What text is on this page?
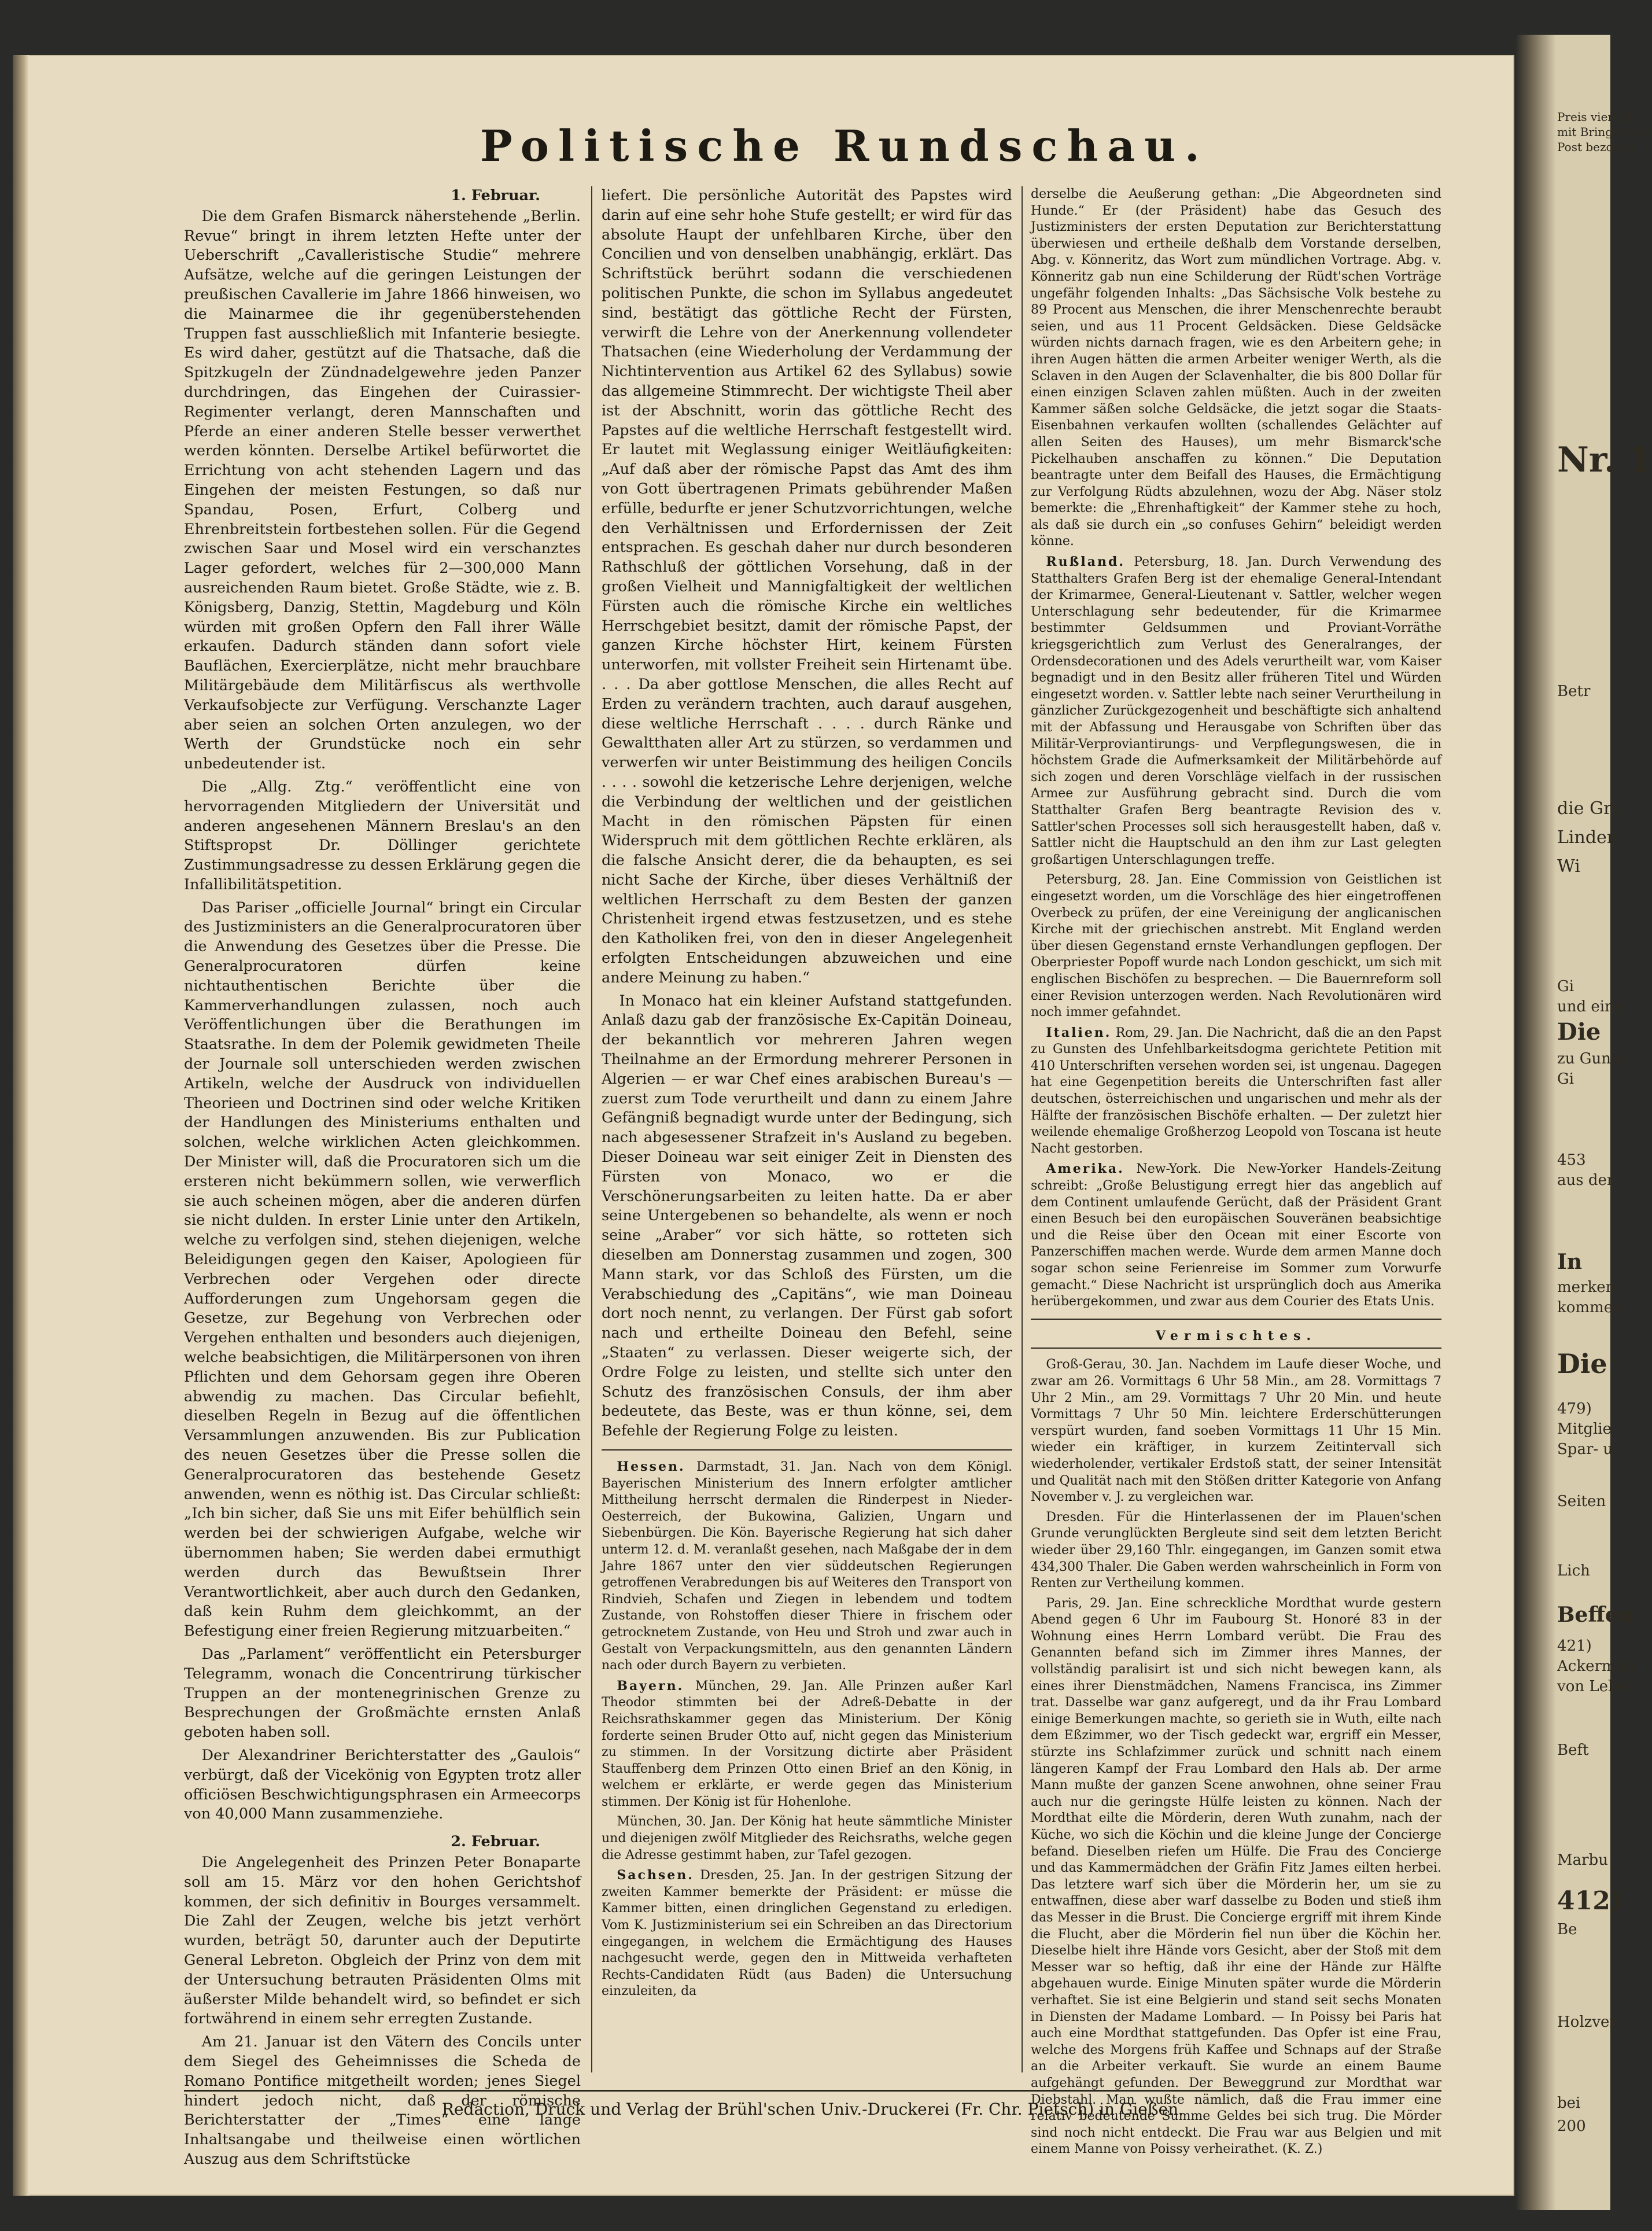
Preis viertelj.
mit Bringerlohn
Post bezogen
Nr. 1
Betr
die Gro
Linden
Wi
Gi
und eine
Die
zu Gunst
Gi
453
aus der
In
merken
kommen
Die
479)
Mitglie
Spar- u
Seiten
Lich
Beffen
421)
Ackerman
von Lebe
Beft
Marbu
412)
Be
Holzver
bei
200
Politische Rundschau.
1. Februar.

Die dem Grafen Bismarck näherstehende „Berlin. Revue“ bringt in ihrem letzten Hefte unter der Ueberschrift „Cavalleristische Studie“ mehrere Aufsätze, welche auf die geringen Leistungen der preußischen Cavallerie im Jahre 1866 hinweisen, wo die Mainarmee die ihr gegenüberstehenden Truppen fast ausschließlich mit Infanterie besiegte. Es wird daher, gestützt auf die Thatsache, daß die Spitzkugeln der Zündnadelgewehre jeden Panzer durchdringen, das Eingehen der Cuirassier-Regimenter verlangt, deren Mannschaften und Pferde an einer anderen Stelle besser verwerthet werden könnten. Derselbe Artikel befürwortet die Errichtung von acht stehenden Lagern und das Eingehen der meisten Festungen, so daß nur Spandau, Posen, Erfurt, Colberg und Ehrenbreitstein fortbestehen sollen. Für die Gegend zwischen Saar und Mosel wird ein verschanztes Lager gefordert, welches für 2—300,000 Mann ausreichenden Raum bietet. Große Städte, wie z. B. Königsberg, Danzig, Stettin, Magdeburg und Köln würden mit großen Opfern den Fall ihrer Wälle erkaufen. Dadurch ständen dann sofort viele Bauflächen, Exercierplätze, nicht mehr brauchbare Militärgebäude dem Militärfiscus als werthvolle Verkaufsobjecte zur Verfügung. Verschanzte Lager aber seien an solchen Orten anzulegen, wo der Werth der Grundstücke noch ein sehr unbedeutender ist.

Die „Allg. Ztg.“ veröffentlicht eine von hervorragenden Mitgliedern der Universität und anderen angesehenen Männern Breslau's an den Stiftspropst Dr. Döllinger gerichtete Zustimmungsadresse zu dessen Erklärung gegen die Infallibilitätspetition.

Das Pariser „officielle Journal“ bringt ein Circular des Justizministers an die Generalprocuratoren über die Anwendung des Gesetzes über die Presse. Die Generalprocuratoren dürfen keine nichtauthentischen Berichte über die Kammerverhandlungen zulassen, noch auch Veröffentlichungen über die Berathungen im Staatsrathe. In dem der Polemik gewidmeten Theile der Journale soll unterschieden werden zwischen Artikeln, welche der Ausdruck von individuellen Theorieen und Doctrinen sind oder welche Kritiken der Handlungen des Ministeriums enthalten und solchen, welche wirklichen Acten gleichkommen. Der Minister will, daß die Procuratoren sich um die ersteren nicht bekümmern sollen, wie verwerflich sie auch scheinen mögen, aber die anderen dürfen sie nicht dulden. In erster Linie unter den Artikeln, welche zu verfolgen sind, stehen diejenigen, welche Beleidigungen gegen den Kaiser, Apologieen für Verbrechen oder Vergehen oder directe Aufforderungen zum Ungehorsam gegen die Gesetze, zur Begehung von Verbrechen oder Vergehen enthalten und besonders auch diejenigen, welche beabsichtigen, die Militärpersonen von ihren Pflichten und dem Gehorsam gegen ihre Oberen abwendig zu machen. Das Circular befiehlt, dieselben Regeln in Bezug auf die öffentlichen Versammlungen anzuwenden. Bis zur Publication des neuen Gesetzes über die Presse sollen die Generalprocuratoren das bestehende Gesetz anwenden, wenn es nöthig ist. Das Circular schließt: „Ich bin sicher, daß Sie uns mit Eifer behülflich sein werden bei der schwierigen Aufgabe, welche wir übernommen haben; Sie werden dabei ermuthigt werden durch das Bewußtsein Ihrer Verantwortlichkeit, aber auch durch den Gedanken, daß kein Ruhm dem gleichkommt, an der Befestigung einer freien Regierung mitzuarbeiten.“

Das „Parlament“ veröffentlicht ein Petersburger Telegramm, wonach die Concentrirung türkischer Truppen an der montenegrinischen Grenze zu Besprechungen der Großmächte ernsten Anlaß geboten haben soll.

Der Alexandriner Berichterstatter des „Gaulois“ verbürgt, daß der Vicekönig von Egypten trotz aller officiösen Beschwichtigungsphrasen ein Armeecorps von 40,000 Mann zusammenziehe.

2. Februar.

Die Angelegenheit des Prinzen Peter Bonaparte soll am 15. März vor den hohen Gerichtshof kommen, der sich definitiv in Bourges versammelt. Die Zahl der Zeugen, welche bis jetzt verhört wurden, beträgt 50, darunter auch der Deputirte General Lebreton. Obgleich der Prinz von dem mit der Untersuchung betrauten Präsidenten Olms mit äußerster Milde behandelt wird, so befindet er sich fortwährend in einem sehr erregten Zustande.

Am 21. Januar ist den Vätern des Concils unter dem Siegel des Geheimnisses die Scheda de Romano Pontifice mitgetheilt worden; jenes Siegel hindert jedoch nicht, daß der römische Berichterstatter der „Times“ eine lange Inhaltsangabe und theilweise einen wörtlichen Auszug aus dem Schriftstücke

liefert. Die persönliche Autorität des Papstes wird darin auf eine sehr hohe Stufe gestellt; er wird für das absolute Haupt der unfehlbaren Kirche, über den Concilien und von denselben unabhängig, erklärt. Das Schriftstück berührt sodann die verschiedenen politischen Punkte, die schon im Syllabus angedeutet sind, bestätigt das göttliche Recht der Fürsten, verwirft die Lehre von der Anerkennung vollendeter Thatsachen (eine Wiederholung der Verdammung der Nichtintervention aus Artikel 62 des Syllabus) sowie das allgemeine Stimmrecht. Der wichtigste Theil aber ist der Abschnitt, worin das göttliche Recht des Papstes auf die weltliche Herrschaft festgestellt wird. Er lautet mit Weglassung einiger Weitläufigkeiten: „Auf daß aber der römische Papst das Amt des ihm von Gott übertragenen Primats gebührender Maßen erfülle, bedurfte er jener Schutzvorrichtungen, welche den Verhältnissen und Erfordernissen der Zeit entsprachen. Es geschah daher nur durch besonderen Rathschluß der göttlichen Vorsehung, daß in der großen Vielheit und Mannigfaltigkeit der weltlichen Fürsten auch die römische Kirche ein weltliches Herrschgebiet besitzt, damit der römische Papst, der ganzen Kirche höchster Hirt, keinem Fürsten unterworfen, mit vollster Freiheit sein Hirtenamt übe. . . . Da aber gottlose Menschen, die alles Recht auf Erden zu verändern trachten, auch darauf ausgehen, diese weltliche Herrschaft . . . . durch Ränke und Gewaltthaten aller Art zu stürzen, so verdammen und verwerfen wir unter Beistimmung des heiligen Concils . . . . sowohl die ketzerische Lehre derjenigen, welche die Verbindung der weltlichen und der geistlichen Macht in den römischen Päpsten für einen Widerspruch mit dem göttlichen Rechte erklären, als die falsche Ansicht derer, die da behaupten, es sei nicht Sache der Kirche, über dieses Verhältniß der weltlichen Herrschaft zu dem Besten der ganzen Christenheit irgend etwas festzusetzen, und es stehe den Katholiken frei, von den in dieser Angelegenheit erfolgten Entscheidungen abzuweichen und eine andere Meinung zu haben.“

In Monaco hat ein kleiner Aufstand stattgefunden. Anlaß dazu gab der französische Ex-Capitän Doineau, der bekanntlich vor mehreren Jahren wegen Theilnahme an der Ermordung mehrerer Personen in Algerien — er war Chef eines arabischen Bureau's — zuerst zum Tode verurtheilt und dann zu einem Jahre Gefängniß begnadigt wurde unter der Bedingung, sich nach abgesessener Strafzeit in's Ausland zu begeben. Dieser Doineau war seit einiger Zeit in Diensten des Fürsten von Monaco, wo er die Verschönerungsarbeiten zu leiten hatte. Da er aber seine Untergebenen so behandelte, als wenn er noch seine „Araber“ vor sich hätte, so rotteten sich dieselben am Donnerstag zusammen und zogen, 300 Mann stark, vor das Schloß des Fürsten, um die Verabschiedung des „Capitäns“, wie man Doineau dort noch nennt, zu verlangen. Der Fürst gab sofort nach und ertheilte Doineau den Befehl, seine „Staaten“ zu verlassen. Dieser weigerte sich, der Ordre Folge zu leisten, und stellte sich unter den Schutz des französischen Consuls, der ihm aber bedeutete, das Beste, was er thun könne, sei, dem Befehle der Regierung Folge zu leisten.

Hessen. Darmstadt, 31. Jan. Nach von dem Königl. Bayerischen Ministerium des Innern erfolgter amtlicher Mittheilung herrscht dermalen die Rinderpest in Nieder-Oesterreich, der Bukowina, Galizien, Ungarn und Siebenbürgen. Die Kön. Bayerische Regierung hat sich daher unterm 12. d. M. veranlaßt gesehen, nach Maßgabe der in dem Jahre 1867 unter den vier süddeutschen Regierungen getroffenen Verabredungen bis auf Weiteres den Transport von Rindvieh, Schafen und Ziegen in lebendem und todtem Zustande, von Rohstoffen dieser Thiere in frischem oder getrocknetem Zustande, von Heu und Stroh und zwar auch in Gestalt von Verpackungsmitteln, aus den genannten Ländern nach oder durch Bayern zu verbieten.

Bayern. München, 29. Jan. Alle Prinzen außer Karl Theodor stimmten bei der Adreß-Debatte in der Reichsrathskammer gegen das Ministerium. Der König forderte seinen Bruder Otto auf, nicht gegen das Ministerium zu stimmen. In der Vorsitzung dictirte aber Präsident Stauffenberg dem Prinzen Otto einen Brief an den König, in welchem er erklärte, er werde gegen das Ministerium stimmen. Der König ist für Hohenlohe.

München, 30. Jan. Der König hat heute sämmtliche Minister und diejenigen zwölf Mitglieder des Reichsraths, welche gegen die Adresse gestimmt haben, zur Tafel gezogen.

Sachsen. Dresden, 25. Jan. In der gestrigen Sitzung der zweiten Kammer bemerkte der Präsident: er müsse die Kammer bitten, einen dringlichen Gegenstand zu erledigen. Vom K. Justizministerium sei ein Schreiben an das Directorium eingegangen, in welchem die Ermächtigung des Hauses nachgesucht werde, gegen den in Mittweida verhafteten Rechts-Candidaten Rüdt (aus Baden) die Untersuchung einzuleiten, da

derselbe die Aeußerung gethan: „Die Abgeordneten sind Hunde.“ Er (der Präsident) habe das Gesuch des Justizministers der ersten Deputation zur Berichterstattung überwiesen und ertheile deßhalb dem Vorstande derselben, Abg. v. Könneritz, das Wort zum mündlichen Vortrage. Abg. v. Könneritz gab nun eine Schilderung der Rüdt'schen Vorträge ungefähr folgenden Inhalts: „Das Sächsische Volk bestehe zu 89 Procent aus Menschen, die ihrer Menschenrechte beraubt seien, und aus 11 Procent Geldsäcken. Diese Geldsäcke würden nichts darnach fragen, wie es den Arbeitern gehe; in ihren Augen hätten die armen Arbeiter weniger Werth, als die Sclaven in den Augen der Sclavenhalter, die bis 800 Dollar für einen einzigen Sclaven zahlen müßten. Auch in der zweiten Kammer säßen solche Geldsäcke, die jetzt sogar die Staats-Eisenbahnen verkaufen wollten (schallendes Gelächter auf allen Seiten des Hauses), um mehr Bismarck'sche Pickelhauben anschaffen zu können.“ Die Deputation beantragte unter dem Beifall des Hauses, die Ermächtigung zur Verfolgung Rüdts abzulehnen, wozu der Abg. Näser stolz bemerkte: die „Ehrenhaftigkeit“ der Kammer stehe zu hoch, als daß sie durch ein „so confuses Gehirn“ beleidigt werden könne.

Rußland. Petersburg, 18. Jan. Durch Verwendung des Statthalters Grafen Berg ist der ehemalige General-Intendant der Krimarmee, General-Lieutenant v. Sattler, welcher wegen Unterschlagung sehr bedeutender, für die Krimarmee bestimmter Geldsummen und Proviant-Vorräthe kriegsgerichtlich zum Verlust des Generalranges, der Ordensdecorationen und des Adels verurtheilt war, vom Kaiser begnadigt und in den Besitz aller früheren Titel und Würden eingesetzt worden. v. Sattler lebte nach seiner Verurtheilung in gänzlicher Zurückgezogenheit und beschäftigte sich anhaltend mit der Abfassung und Herausgabe von Schriften über das Militär-Verproviantirungs- und Verpflegungswesen, die in höchstem Grade die Aufmerksamkeit der Militärbehörde auf sich zogen und deren Vorschläge vielfach in der russischen Armee zur Ausführung gebracht sind. Durch die vom Statthalter Grafen Berg beantragte Revision des v. Sattler'schen Processes soll sich herausgestellt haben, daß v. Sattler nicht die Hauptschuld an den ihm zur Last gelegten großartigen Unterschlagungen treffe.

Petersburg, 28. Jan. Eine Commission von Geistlichen ist eingesetzt worden, um die Vorschläge des hier eingetroffenen Overbeck zu prüfen, der eine Vereinigung der anglicanischen Kirche mit der griechischen anstrebt. Mit England werden über diesen Gegenstand ernste Verhandlungen gepflogen. Der Oberpriester Popoff wurde nach London geschickt, um sich mit englischen Bischöfen zu besprechen. — Die Bauernreform soll einer Revision unterzogen werden. Nach Revolutionären wird noch immer gefahndet.

Italien. Rom, 29. Jan. Die Nachricht, daß die an den Papst zu Gunsten des Unfehlbarkeitsdogma gerichtete Petition mit 410 Unterschriften versehen worden sei, ist ungenau. Dagegen hat eine Gegenpetition bereits die Unterschriften fast aller deutschen, österreichischen und ungarischen und mehr als der Hälfte der französischen Bischöfe erhalten. — Der zuletzt hier weilende ehemalige Großherzog Leopold von Toscana ist heute Nacht gestorben.

Amerika. New-York. Die New-Yorker Handels-Zeitung schreibt: „Große Belustigung erregt hier das angeblich auf dem Continent umlaufende Gerücht, daß der Präsident Grant einen Besuch bei den europäischen Souveränen beabsichtige und die Reise über den Ocean mit einer Escorte von Panzerschiffen machen werde. Wurde dem armen Manne doch sogar schon seine Ferienreise im Sommer zum Vorwurfe gemacht.“ Diese Nachricht ist ursprünglich doch aus Amerika herübergekommen, und zwar aus dem Courier des Etats Unis.

Vermischtes.

Groß-Gerau, 30. Jan. Nachdem im Laufe dieser Woche, und zwar am 26. Vormittags 6 Uhr 58 Min., am 28. Vormittags 7 Uhr 2 Min., am 29. Vormittags 7 Uhr 20 Min. und heute Vormittags 7 Uhr 50 Min. leichtere Erderschütterungen verspürt wurden, fand soeben Vormittags 11 Uhr 15 Min. wieder ein kräftiger, in kurzem Zeitintervall sich wiederholender, vertikaler Erdstoß statt, der seiner Intensität und Qualität nach mit den Stößen dritter Kategorie von Anfang November v. J. zu vergleichen war.

Dresden. Für die Hinterlassenen der im Plauen'schen Grunde verunglückten Bergleute sind seit dem letzten Bericht wieder über 29,160 Thlr. eingegangen, im Ganzen somit etwa 434,300 Thaler. Die Gaben werden wahrscheinlich in Form von Renten zur Vertheilung kommen.

Paris, 29. Jan. Eine schreckliche Mordthat wurde gestern Abend gegen 6 Uhr im Faubourg St. Honoré 83 in der Wohnung eines Herrn Lombard verübt. Die Frau des Genannten befand sich im Zimmer ihres Mannes, der vollständig paralisirt ist und sich nicht bewegen kann, als eines ihrer Dienstmädchen, Namens Francisca, ins Zimmer trat. Dasselbe war ganz aufgeregt, und da ihr Frau Lombard einige Bemerkungen machte, so gerieth sie in Wuth, eilte nach dem Eßzimmer, wo der Tisch gedeckt war, ergriff ein Messer, stürzte ins Schlafzimmer zurück und schnitt nach einem längeren Kampf der Frau Lombard den Hals ab. Der arme Mann mußte der ganzen Scene anwohnen, ohne seiner Frau auch nur die geringste Hülfe leisten zu können. Nach der Mordthat eilte die Mörderin, deren Wuth zunahm, nach der Küche, wo sich die Köchin und die kleine Junge der Concierge befand. Dieselben riefen um Hülfe. Die Frau des Concierge und das Kammermädchen der Gräfin Fitz James eilten herbei. Das letztere warf sich über die Mörderin her, um sie zu entwaffnen, diese aber warf dasselbe zu Boden und stieß ihm das Messer in die Brust. Die Concierge ergriff mit ihrem Kinde die Flucht, aber die Mörderin fiel nun über die Köchin her. Dieselbe hielt ihre Hände vors Gesicht, aber der Stoß mit dem Messer war so heftig, daß ihr eine der Hände zur Hälfte abgehauen wurde. Einige Minuten später wurde die Mörderin verhaftet. Sie ist eine Belgierin und stand seit sechs Monaten in Diensten der Madame Lombard. — In Poissy bei Paris hat auch eine Mordthat stattgefunden. Das Opfer ist eine Frau, welche des Morgens früh Kaffee und Schnaps auf der Straße an die Arbeiter verkauft. Sie wurde an einem Baume aufgehängt gefunden. Der Beweggrund zur Mordthat war Diebstahl. Man wußte nämlich, daß die Frau immer eine relativ bedeutende Summe Geldes bei sich trug. Die Mörder sind noch nicht entdeckt. Die Frau war aus Belgien und mit einem Manne von Poissy verheirathet. (K. Z.)

Redaction, Druck und Verlag der Brühl'schen Univ.-Druckerei (Fr. Chr. Pietsch) in Gießen.
